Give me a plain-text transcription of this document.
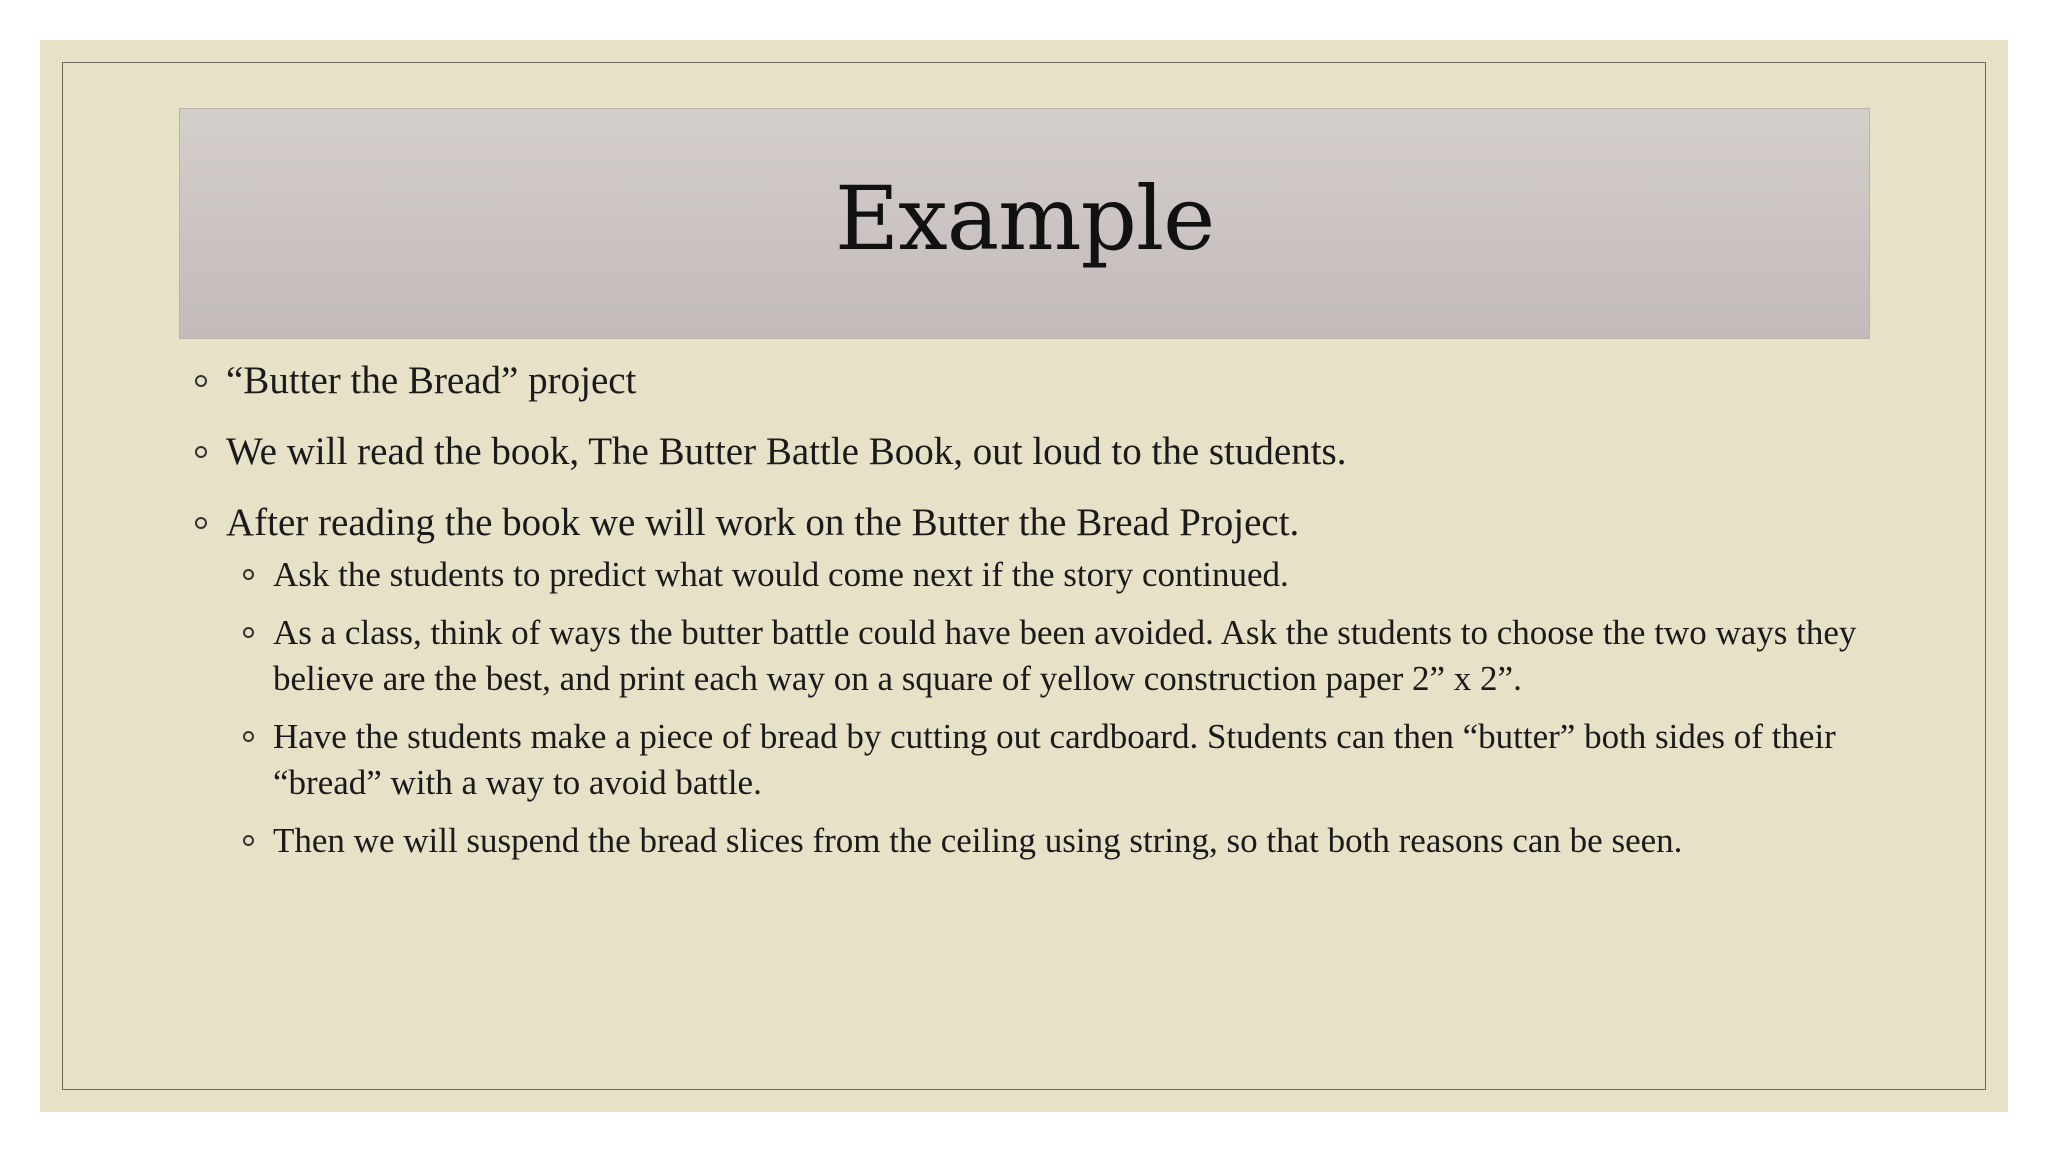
Example
“Butter the Bread” project
We will read the book, The Butter Battle Book, out loud to the students.
After reading the book we will work on the Butter the Bread Project.
Ask the students to predict what would come next if the story continued.
As a class, think of ways the butter battle could have been avoided. Ask the students to choose the two ways they believe are the best, and print each way on a square of yellow construction paper 2” x 2”.
Have the students make a piece of bread by cutting out cardboard. Students can then “butter” both sides of their “bread” with a way to avoid battle.
Then we will suspend the bread slices from the ceiling using string, so that both reasons can be seen.
